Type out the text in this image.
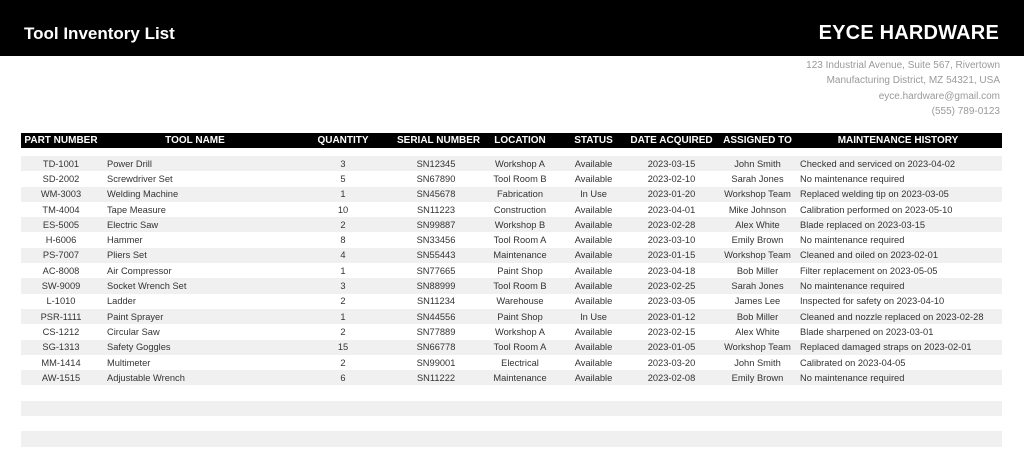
Tool Inventory List	EYCE HARDWARE
123 Industrial Avenue, Suite 567, Rivertown
Manufacturing District, MZ 54321, USA
eyce.hardware@gmail.com
(555) 789-0123
PART NUMBER	TOOL NAME	QUANTITY	SERIAL NUMBER	LOCATION	STATUS	DATE ACQUIRED	ASSIGNED TO	MAINTENANCE HISTORY

TD-1001	Power Drill	3	SN12345	Workshop A	Available	2023-03-15	John Smith	Checked and serviced on 2023-04-02
SD-2002	Screwdriver Set	5	SN67890	Tool Room B	Available	2023-02-10	Sarah Jones	No maintenance required
WM-3003	Welding Machine	1	SN45678	Fabrication	In Use	2023-01-20	Workshop Team	Replaced welding tip on 2023-03-05
TM-4004	Tape Measure	10	SN11223	Construction	Available	2023-04-01	Mike Johnson	Calibration performed on 2023-05-10
ES-5005	Electric Saw	2	SN99887	Workshop B	Available	2023-02-28	Alex White	Blade replaced on 2023-03-15
H-6006	Hammer	8	SN33456	Tool Room A	Available	2023-03-10	Emily Brown	No maintenance required
PS-7007	Pliers Set	4	SN55443	Maintenance	Available	2023-01-15	Workshop Team	Cleaned and oiled on 2023-02-01
AC-8008	Air Compressor	1	SN77665	Paint Shop	Available	2023-04-18	Bob Miller	Filter replacement on 2023-05-05
SW-9009	Socket Wrench Set	3	SN88999	Tool Room B	Available	2023-02-25	Sarah Jones	No maintenance required
L-1010	Ladder	2	SN11234	Warehouse	Available	2023-03-05	James Lee	Inspected for safety on 2023-04-10
PSR-1111	Paint Sprayer	1	SN44556	Paint Shop	In Use	2023-01-12	Bob Miller	Cleaned and nozzle replaced on 2023-02-28
CS-1212	Circular Saw	2	SN77889	Workshop A	Available	2023-02-15	Alex White	Blade sharpened on 2023-03-01
SG-1313	Safety Goggles	15	SN66778	Tool Room A	Available	2023-01-05	Workshop Team	Replaced damaged straps on 2023-02-01
MM-1414	Multimeter	2	SN99001	Electrical	Available	2023-03-20	John Smith	Calibrated on 2023-04-05
AW-1515	Adjustable Wrench	6	SN11222	Maintenance	Available	2023-02-08	Emily Brown	No maintenance required
